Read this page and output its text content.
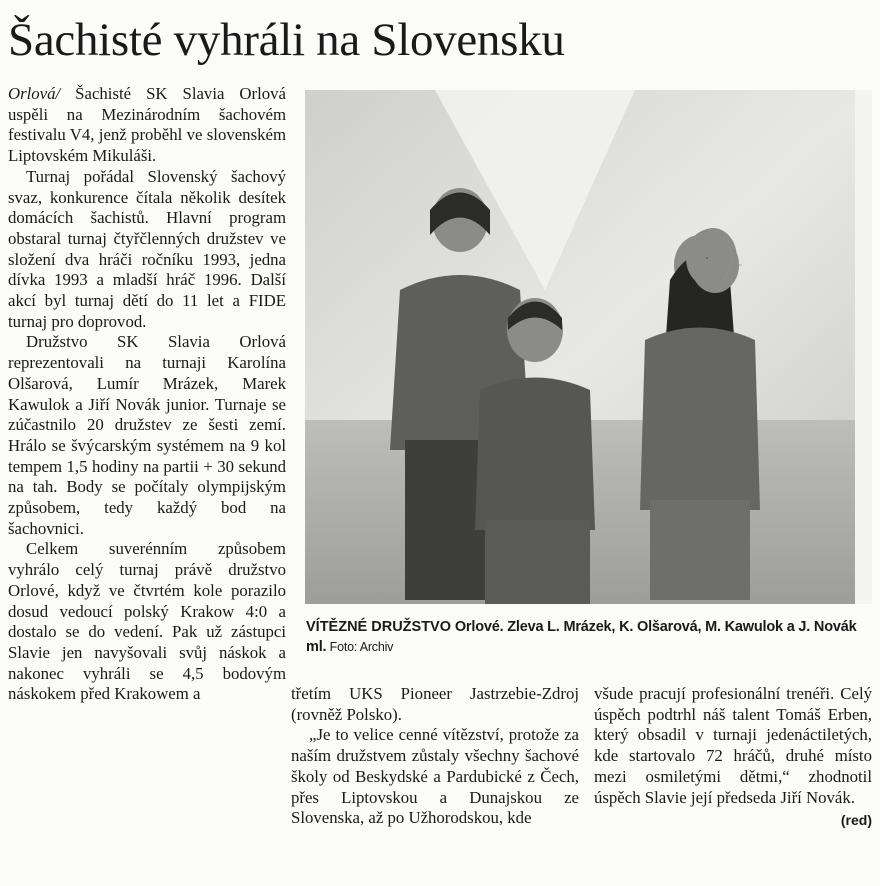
Šachisté vyhráli na Slovensku

Orlová/ Šachisté SK Slavia Orlová uspěli na Mezinárodním šachovém festivalu V4, jenž proběhl ve slovenském Liptovském Mikuláši.

Turnaj pořádal Slovenský šachový svaz, konkurence čítala několik desítek domácích šachistů. Hlavní program obstaral turnaj čtyřčlenných družstev ve složení dva hráči ročníku 1993, jedna dívka 1993 a mladší hráč 1996. Další akcí byl turnaj dětí do 11 let a FIDE turnaj pro doprovod.

Družstvo SK Slavia Orlová reprezentovali na turnaji Karolína Olšarová, Lumír Mrázek, Marek Kawulok a Jiří Novák junior. Turnaje se zúčastnilo 20 družstev ze šesti zemí. Hrálo se švýcarským systémem na 9 kol tempem 1,5 hodiny na partii + 30 sekund na tah. Body se počítaly olympijským způsobem, tedy každý bod na šachovnici.

Celkem suverénním způsobem vyhrálo celý turnaj právě družstvo Orlové, když ve čtvrtém kole porazilo dosud vedoucí polský Krakow 4:0 a dostalo se do vedení. Pak už zástupci Slavie jen navyšovali svůj náskok a nakonec vyhráli se 4,5 bodovým náskokem před Krakowem a

VÍTĚZNÉ DRUŽSTVO Orlové. Zleva L. Mrázek, K. Olšarová, M. Kawulok a J. Novák ml. Foto: Archiv

třetím UKS Pioneer Jastrzebie-Zdroj (rovněž Polsko).

„Je to velice cenné vítězství, protože za naším družstvem zůstaly všechny šachové školy od Beskydské a Pardubické z Čech, přes Liptovskou a Dunajskou ze Slovenska, až po Užhorodskou, kde

všude pracují profesionální trenéři. Celý úspěch podtrhl náš talent Tomáš Erben, který obsadil v turnaji jedenáctiletých, kde startovalo 72 hráčů, druhé místo mezi osmiletými dětmi,“ zhodnotil úspěch Slavie její předseda Jiří Novák.
(red)
